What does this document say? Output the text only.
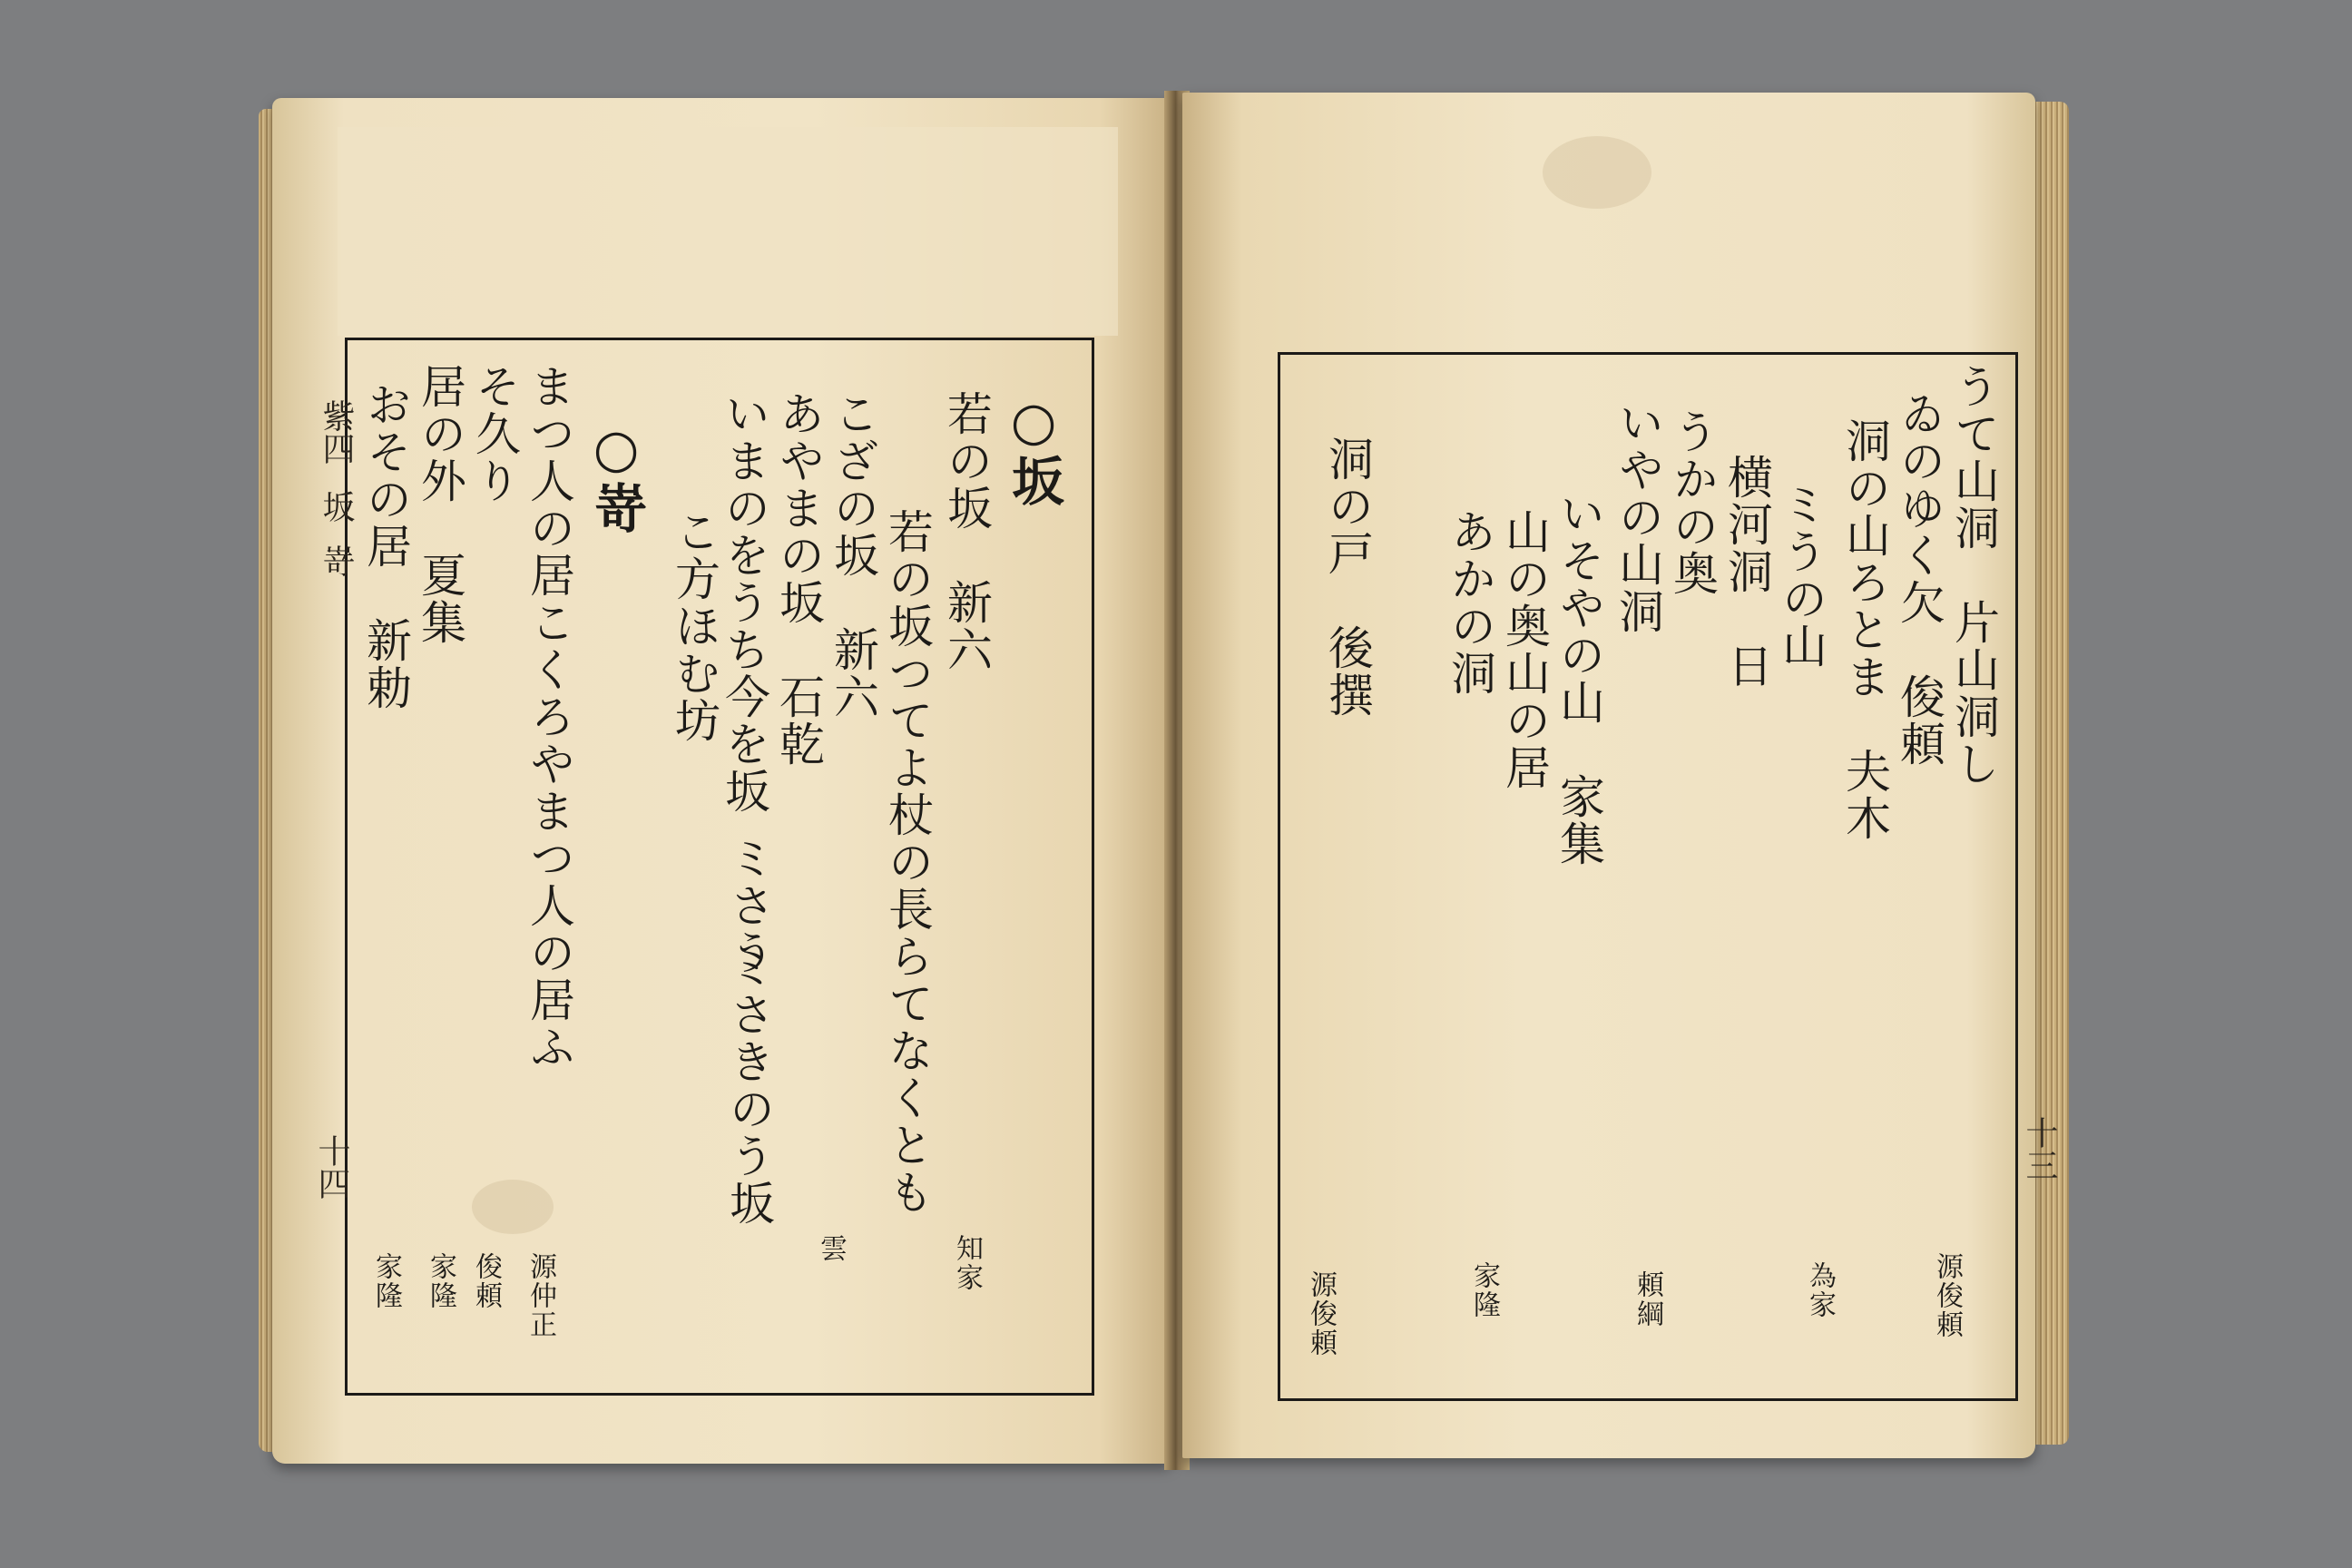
紫四
坂
嵜
十四
○坂
若の坂　新六
若の坂つてよ杖の長らてなくとも
こざの坂　新六
あやまの坂　石乾
いまのをうち今を坂
ミさう
ミさきのう坂
こ方ほむ坊
○嵜
まつ人の居こくろやまつ人の居ふ
そ久り
居の外　夏集
おその居　新勅
家隆	知家
雲
源仲正
俊頼
家隆
十三
うて山洞　片山洞し
ゐのゆく欠　俊頼
洞の山ろとま　夫木
ミうの山
横河洞　日
うかの奥
いやの山洞
いそやの山　家集
山の奥山の居
あかの洞
洞の戸　後撰
源俊頼
為家
頼綱
家隆
源俊頼
